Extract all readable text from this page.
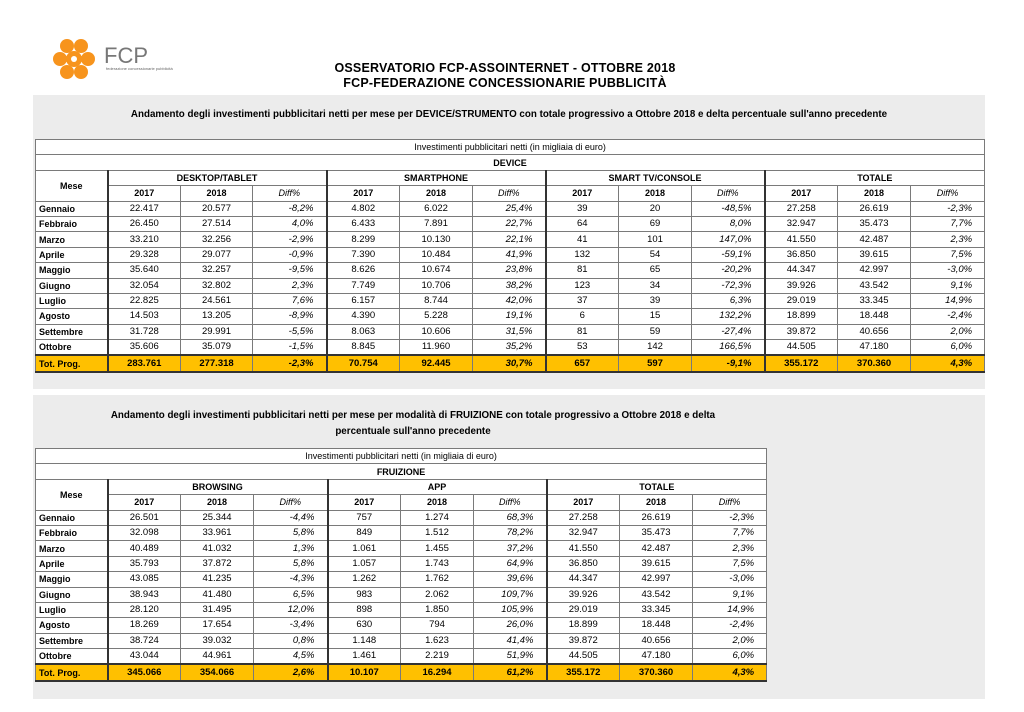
FCP
federazione concessionarie pubblicità	OSSERVATORIO FCP-ASSOINTERNET - OTTOBRE 2018
FCP-FEDERAZIONE CONCESSIONARIE PUBBLICITÀ
Andamento degli investimenti pubblicitari netti per mese per DEVICE/STRUMENTO con totale progressivo a Ottobre 2018 e delta percentuale sull'anno precedente
Investimenti pubblicitari netti (in migliaia di euro)												
DEVICE												
Mese	DESKTOP/TABLET			SMARTPHONE			SMART TV/CONSOLE			TOTALE		
	2017	2018	Diff%	2017	2018	Diff%	2017	2018	Diff%	2017	2018	Diff%
Gennaio	22.417	20.577	-8,2%	4.802	6.022	25,4%	39	20	-48,5%	27.258	26.619	-2,3%
Febbraio	26.450	27.514	4,0%	6.433	7.891	22,7%	64	69	8,0%	32.947	35.473	7,7%
Marzo	33.210	32.256	-2,9%	8.299	10.130	22,1%	41	101	147,0%	41.550	42.487	2,3%
Aprile	29.328	29.077	-0,9%	7.390	10.484	41,9%	132	54	-59,1%	36.850	39.615	7,5%
Maggio	35.640	32.257	-9,5%	8.626	10.674	23,8%	81	65	-20,2%	44.347	42.997	-3,0%
Giugno	32.054	32.802	2,3%	7.749	10.706	38,2%	123	34	-72,3%	39.926	43.542	9,1%
Luglio	22.825	24.561	7,6%	6.157	8.744	42,0%	37	39	6,3%	29.019	33.345	14,9%
Agosto	14.503	13.205	-8,9%	4.390	5.228	19,1%	6	15	132,2%	18.899	18.448	-2,4%
Settembre	31.728	29.991	-5,5%	8.063	10.606	31,5%	81	59	-27,4%	39.872	40.656	2,0%
Ottobre	35.606	35.079	-1,5%	8.845	11.960	35,2%	53	142	166,5%	44.505	47.180	6,0%
Tot. Prog.	283.761	277.318	-2,3%	70.754	92.445	30,7%	657	597	-9,1%	355.172	370.360	4,3%
Andamento degli investimenti pubblicitari netti per mese per modalità di FRUIZIONE con totale progressivo a Ottobre 2018 e delta
percentuale sull'anno precedente
Investimenti pubblicitari netti (in migliaia di euro)									
FRUIZIONE									
Mese	BROWSING			APP			TOTALE		
	2017	2018	Diff%	2017	2018	Diff%	2017	2018	Diff%
Gennaio	26.501	25.344	-4,4%	757	1.274	68,3%	27.258	26.619	-2,3%
Febbraio	32.098	33.961	5,8%	849	1.512	78,2%	32.947	35.473	7,7%
Marzo	40.489	41.032	1,3%	1.061	1.455	37,2%	41.550	42.487	2,3%
Aprile	35.793	37.872	5,8%	1.057	1.743	64,9%	36.850	39.615	7,5%
Maggio	43.085	41.235	-4,3%	1.262	1.762	39,6%	44.347	42.997	-3,0%
Giugno	38.943	41.480	6,5%	983	2.062	109,7%	39.926	43.542	9,1%
Luglio	28.120	31.495	12,0%	898	1.850	105,9%	29.019	33.345	14,9%
Agosto	18.269	17.654	-3,4%	630	794	26,0%	18.899	18.448	-2,4%
Settembre	38.724	39.032	0,8%	1.148	1.623	41,4%	39.872	40.656	2,0%
Ottobre	43.044	44.961	4,5%	1.461	2.219	51,9%	44.505	47.180	6,0%
Tot. Prog.	345.066	354.066	2,6%	10.107	16.294	61,2%	355.172	370.360	4,3%
